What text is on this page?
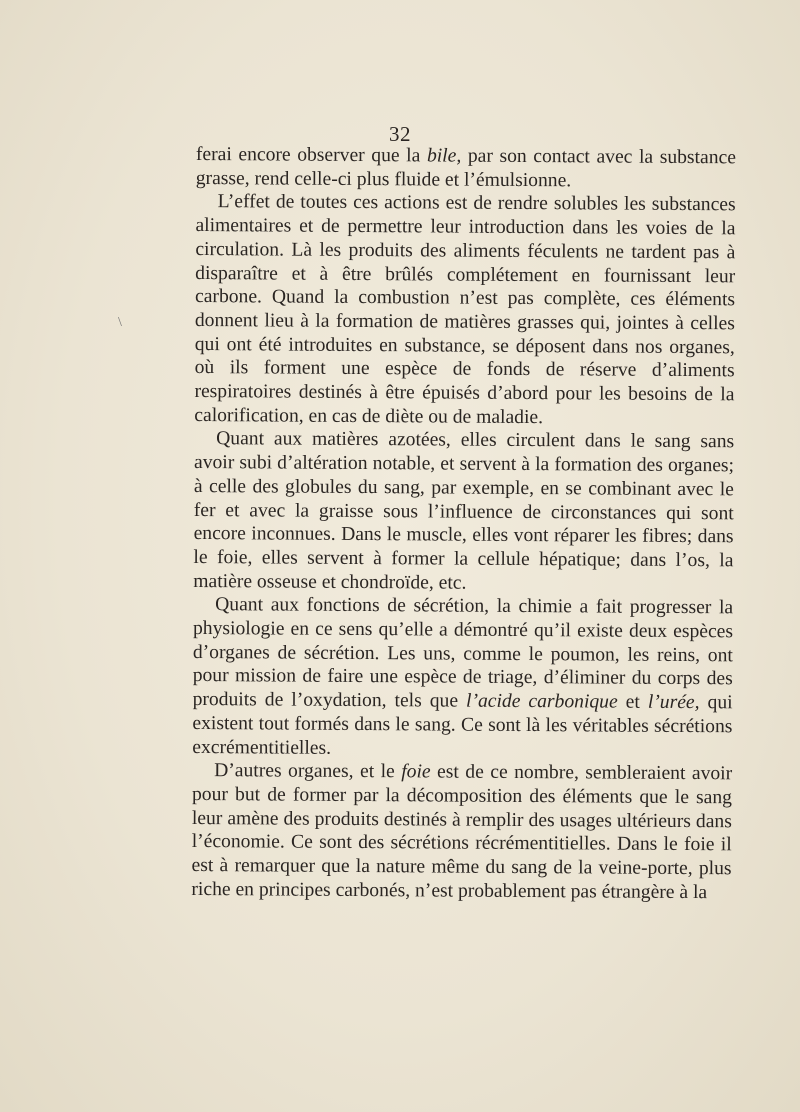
32
\

ferai encore observer que la bile, par son contact avec la substance grasse, rend celle-ci plus fluide et l’émulsionne.

L’effet de toutes ces actions est de rendre solubles les substances alimentaires et de permettre leur introduction dans les voies de la circulation. Là les produits des aliments féculents ne tardent pas à disparaître et à être brûlés complétement en fournissant leur carbone. Quand la combustion n’est pas complète, ces éléments donnent lieu à la formation de matières grasses qui, jointes à celles qui ont été introduites en substance, se déposent dans nos organes, où ils forment une espèce de fonds de réserve d’aliments respiratoires destinés à être épuisés d’abord pour les besoins de la calorification, en cas de diète ou de maladie.

Quant aux matières azotées, elles circulent dans le sang sans avoir subi d’altération notable, et servent à la formation des organes; à celle des globules du sang, par exemple, en se combinant avec le fer et avec la graisse sous l’influence de circonstances qui sont encore inconnues. Dans le muscle, elles vont réparer les fibres; dans le foie, elles servent à former la cellule hépatique; dans l’os, la matière osseuse et chondroïde, etc.

Quant aux fonctions de sécrétion, la chimie a fait progresser la physiologie en ce sens qu’elle a démontré qu’il existe deux espèces d’organes de sécrétion. Les uns, comme le poumon, les reins, ont pour mission de faire une espèce de triage, d’éliminer du corps des produits de l’oxydation, tels que l’acide carbonique et l’urée, qui existent tout formés dans le sang. Ce sont là les véritables sécrétions excrémentitielles.

D’autres organes, et le foie est de ce nombre, sembleraient avoir pour but de former par la décomposition des éléments que le sang leur amène des produits destinés à remplir des usages ultérieurs dans l’économie. Ce sont des sécrétions récrémentitielles. Dans le foie il est à remarquer que la nature même du sang de la veine-porte, plus riche en principes carbonés, n’est probablement pas étrangère à la
